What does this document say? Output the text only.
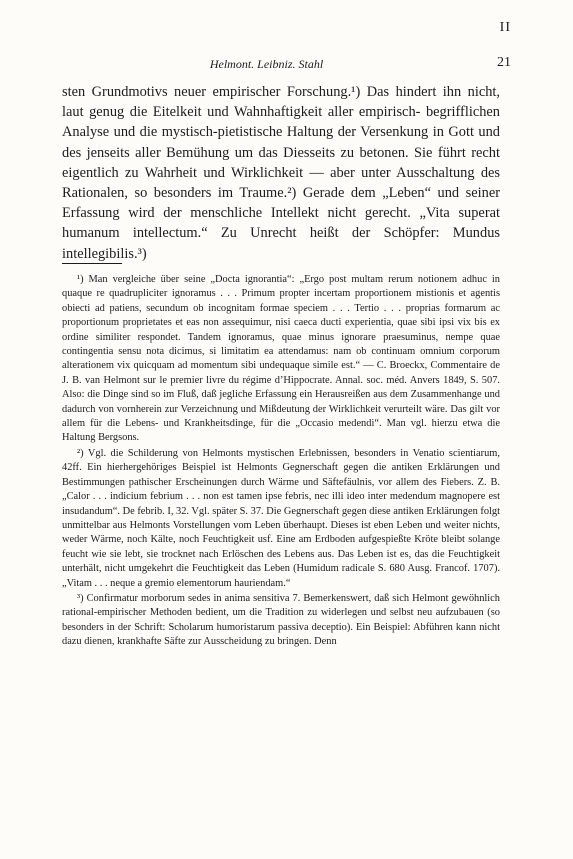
II
Helmont. Leibniz. Stahl	21

sten Grundmotivs neuer empirischer Forschung.¹) Das hindert ihn nicht, laut genug die Eitelkeit und Wahnhaftigkeit aller empirisch- begrifflichen Analyse und die mystisch-pietistische Haltung der Versenkung in Gott und des jenseits aller Bemühung um das Diesseits zu betonen. Sie führt recht eigentlich zu Wahrheit und Wirklichkeit — aber unter Ausschaltung des Rationalen, so besonders im Traume.²) Gerade dem „Leben“ und seiner Erfassung wird der menschliche Intellekt nicht gerecht. „Vita superat humanum intellectum.“ Zu Unrecht heißt der Schöpfer: Mundus intellegibilis.³)

¹) Man vergleiche über seine „Docta ignorantia“: „Ergo post multam rerum notionem adhuc in quaque re quadrupliciter ignoramus . . . Primum propter incertam proportionem mistionis et agentis obiecti ad patiens, secundum ob incognitam formae speciem . . . Tertio . . . proprias formarum ac proportionum proprietates et eas non assequimur, nisi caeca ducti experientia, quae sibi ipsi vix bis ex ordine similiter respondet. Tandem ignoramus, quae minus ignorare praesuminus, nempe quae contingentia sensu nota dicimus, si limitatim ea attendamus: nam ob continuam omnium corporum alterationem vix quicquam ad momentum sibi undequaque simile est.“ — C. Broeckx, Commentaire de J. B. van Helmont sur le premier livre du régime d’Hippocrate. Annal. soc. méd. Anvers 1849, S. 507. Also: die Dinge sind so im Fluß, daß jegliche Erfassung ein Herausreißen aus dem Zusammenhange und dadurch von vornherein zur Verzeichnung und Mißdeutung der Wirklichkeit verurteilt wäre. Das gilt vor allem für die Lebens- und Krankheitsdinge, für die „Occasio medendi“. Man vgl. hierzu etwa die Haltung Bergsons.

²) Vgl. die Schilderung von Helmonts mystischen Erlebnissen, besonders in Venatio scientiarum, 42ff. Ein hierhergehöriges Beispiel ist Helmonts Gegnerschaft gegen die antiken Erklärungen und Bestimmungen pathischer Erscheinungen durch Wärme und Säftefäulnis, vor allem des Fiebers. Z. B. „Calor . . . indicium febrium . . . non est tamen ipse febris, nec illi ideo inter medendum magnopere est insudandum“. De febrib. I, 32. Vgl. später S. 37. Die Gegnerschaft gegen diese antiken Erklärungen folgt unmittelbar aus Helmonts Vorstellungen vom Leben überhaupt. Dieses ist eben Leben und weiter nichts, weder Wärme, noch Kälte, noch Feuchtigkeit usf. Eine am Erdboden aufgespießte Kröte bleibt solange feucht wie sie lebt, sie trocknet nach Erlöschen des Lebens aus. Das Leben ist es, das die Feuchtigkeit unterhält, nicht umgekehrt die Feuchtigkeit das Leben (Humidum radicale S. 680 Ausg. Francof. 1707). „Vitam . . . neque a gremio elementorum hauriendam.“

³) Confirmatur morborum sedes in anima sensitiva 7. Bemerkenswert, daß sich Helmont gewöhnlich rational-empirischer Methoden bedient, um die Tradition zu widerlegen und selbst neu aufzubauen (so besonders in der Schrift: Scholarum humoristarum passiva deceptio). Ein Beispiel: Abführen kann nicht dazu dienen, krankhafte Säfte zur Ausscheidung zu bringen. Denn
